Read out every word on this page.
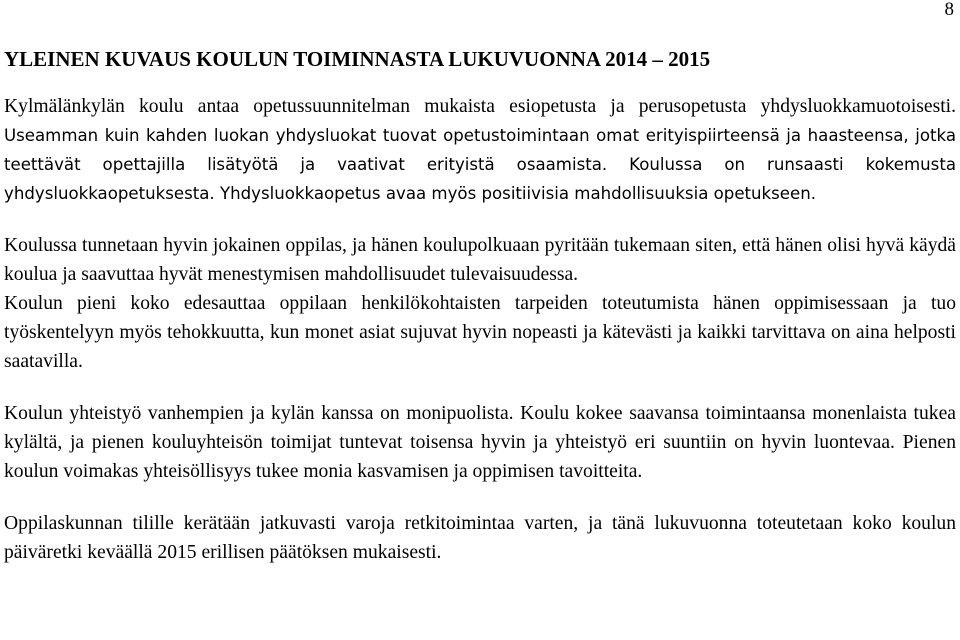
8
YLEINEN KUVAUS KOULUN TOIMINNASTA LUKUVUONNA 2014 – 2015

Kylmälänkylän koulu antaa opetussuunnitelman mukaista esiopetusta ja perusopetusta yhdysluokkamuotoisesti. Useamman kuin kahden luokan yhdysluokat tuovat opetustoimintaan omat erityispiirteensä ja haasteensa, jotka teettävät opettajilla lisätyötä ja vaativat erityistä osaamista. Koulussa on runsaasti kokemusta yhdysluokkaopetuksesta. Yhdysluokkaopetus avaa myös positiivisia mahdollisuuksia opetukseen.

Koulussa tunnetaan hyvin jokainen oppilas, ja hänen koulupolkuaan pyritään tukemaan siten, että hänen olisi hyvä käydä koulua ja saavuttaa hyvät menestymisen mahdollisuudet tulevaisuudessa.

Koulun pieni koko edesauttaa oppilaan henkilökohtaisten tarpeiden toteutumista hänen oppimisessaan ja tuo työskentelyyn myös tehokkuutta, kun monet asiat sujuvat hyvin nopeasti ja kätevästi ja kaikki tarvittava on aina helposti saatavilla.

Koulun yhteistyö vanhempien ja kylän kanssa on monipuolista. Koulu kokee saavansa toimintaansa monenlaista tukea kylältä, ja pienen kouluyhteisön toimijat tuntevat toisensa hyvin ja yhteistyö eri suuntiin on hyvin luontevaa. Pienen koulun voimakas yhteisöllisyys tukee monia kasvamisen ja oppimisen tavoitteita.

Oppilaskunnan tilille kerätään jatkuvasti varoja retkitoimintaa varten, ja tänä lukuvuonna toteutetaan koko koulun päiväretki keväällä 2015 erillisen päätöksen mukaisesti.
